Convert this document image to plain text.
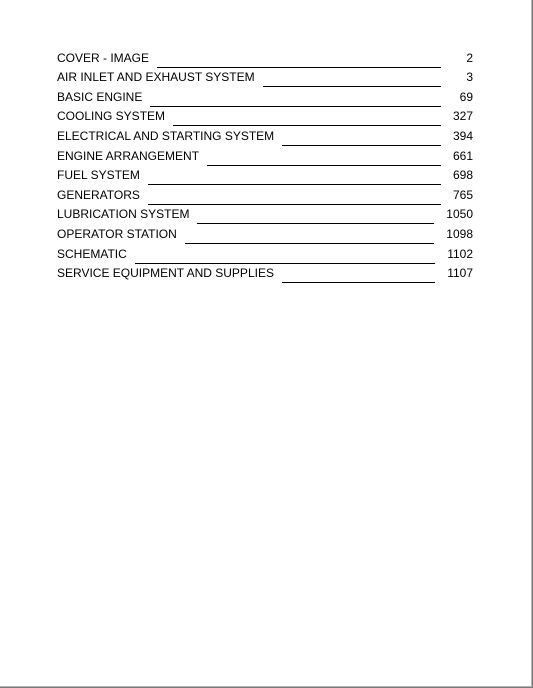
COVER - IMAGE	2
AIR INLET AND EXHAUST SYSTEM	3
BASIC ENGINE	69
COOLING SYSTEM	327
ELECTRICAL AND STARTING SYSTEM	394
ENGINE ARRANGEMENT	661
FUEL SYSTEM	698
GENERATORS	765
LUBRICATION SYSTEM	1050
OPERATOR STATION	1098
SCHEMATIC	1102
SERVICE EQUIPMENT AND SUPPLIES	1107
